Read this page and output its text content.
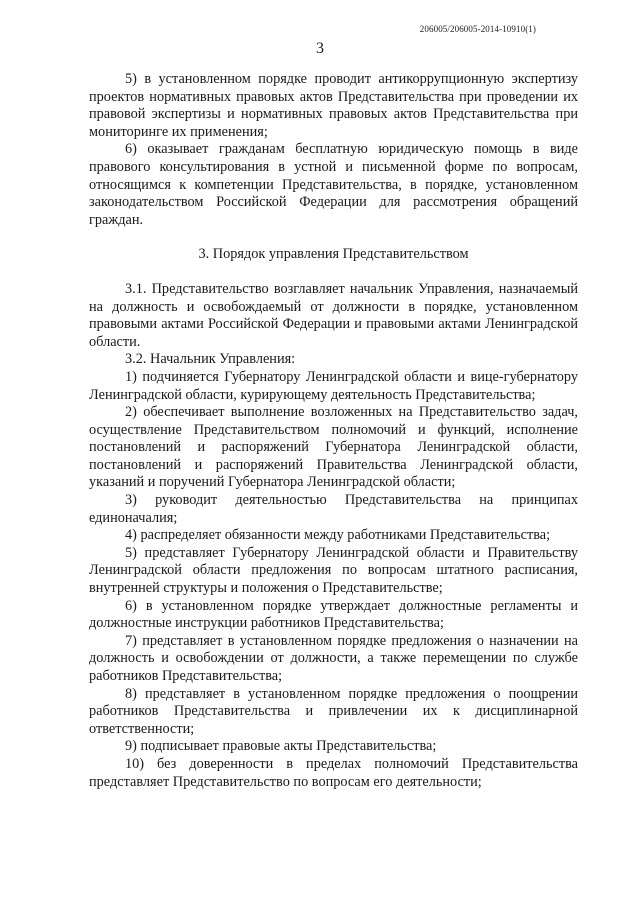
206005/206005-2014-10910(1)
3

5) в установленном порядке проводит антикоррупционную экспертизу проектов нормативных правовых актов Представительства при проведении их правовой экспертизы и нормативных правовых актов Представительства при мониторинге их применения;

6) оказывает гражданам бесплатную юридическую помощь в виде правового консультирования в устной и письменной форме по вопросам, относящимся к компетенции Представительства, в порядке, установленном законодательством Российской Федерации для рассмотрения обращений граждан.

3. Порядок управления Представительством

3.1. Представительство возглавляет начальник Управления, назначаемый на должность и освобождаемый от должности в порядке, установленном правовыми актами Российской Федерации и правовыми актами Ленинградской области.

3.2. Начальник Управления:

1) подчиняется Губернатору Ленинградской области и вице-губернатору Ленинградской области, курирующему деятельность Представительства;

2) обеспечивает выполнение возложенных на Представительство задач, осуществление Представительством полномочий и функций, исполнение постановлений и распоряжений Губернатора Ленинградской области, постановлений и распоряжений Правительства Ленинградской области, указаний и поручений Губернатора Ленинградской области;

3) руководит деятельностью Представительства на принципах единоначалия;

4) распределяет обязанности между работниками Представительства;

5) представляет Губернатору Ленинградской области и Правительству Ленинградской области предложения по вопросам штатного расписания, внутренней структуры и положения о Представительстве;

6) в установленном порядке утверждает должностные регламенты и должностные инструкции работников Представительства;

7) представляет в установленном порядке предложения о назначении на должность и освобождении от должности, а также перемещении по службе работников Представительства;

8) представляет в установленном порядке предложения о поощрении работников Представительства и привлечении их к дисциплинарной ответственности;

9) подписывает правовые акты Представительства;

10) без доверенности в пределах полномочий Представительства представляет Представительство по вопросам его деятельности;
